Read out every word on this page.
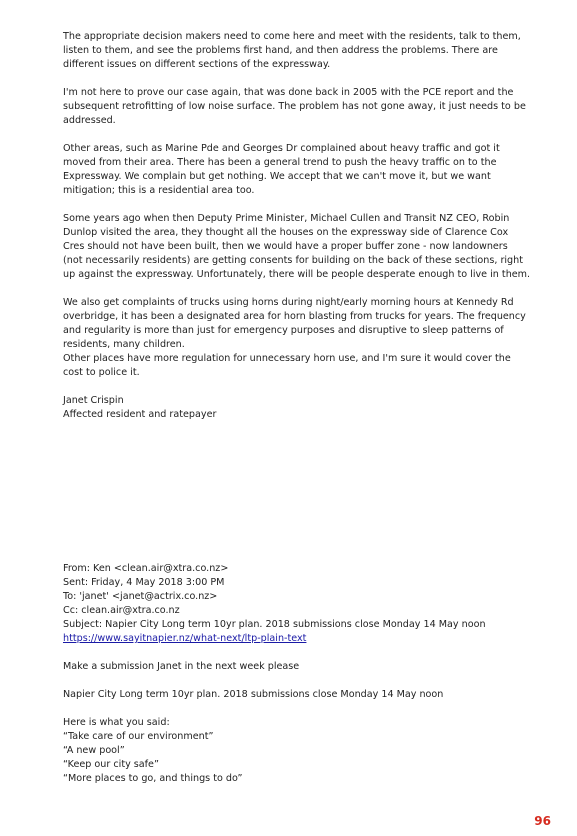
The appropriate decision makers need to come here and meet with the residents, talk to them,
listen to them, and see the problems first hand, and then address the problems. There are
different issues on different sections of the expressway.

I'm not here to prove our case again, that was done back in 2005 with the PCE report and the
subsequent retrofitting of low noise surface. The problem has not gone away, it just needs to be
addressed.

Other areas, such as Marine Pde and Georges Dr complained about heavy traffic and got it
moved from their area. There has been a general trend to push the heavy traffic on to the
Expressway. We complain but get nothing. We accept that we can't move it, but we want
mitigation; this is a residential area too.

Some years ago when then Deputy Prime Minister, Michael Cullen and Transit NZ CEO, Robin
Dunlop visited the area, they thought all the houses on the expressway side of Clarence Cox
Cres should not have been built, then we would have a proper buffer zone - now landowners
(not necessarily residents) are getting consents for building on the back of these sections, right
up against the expressway. Unfortunately, there will be people desperate enough to live in them.

We also get complaints of trucks using horns during night/early morning hours at Kennedy Rd
overbridge, it has been a designated area for horn blasting from trucks for years. The frequency
and regularity is more than just for emergency purposes and disruptive to sleep patterns of
residents, many children.
Other places have more regulation for unnecessary horn use, and I'm sure it would cover the
cost to police it.

Janet Crispin
Affected resident and ratepayer

From: Ken <clean.air@xtra.co.nz>
Sent: Friday, 4 May 2018 3:00 PM
To: 'janet' <janet@actrix.co.nz>
Cc: clean.air@xtra.co.nz
Subject: Napier City Long term 10yr plan. 2018 submissions close Monday 14 May noon
https://www.sayitnapier.nz/what-next/ltp-plain-text

Make a submission Janet in the next week please

Napier City Long term 10yr plan. 2018 submissions close Monday 14 May noon

Here is what you said:
“Take care of our environment”
“A new pool”
“Keep our city safe”
“More places to go, and things to do”

96
